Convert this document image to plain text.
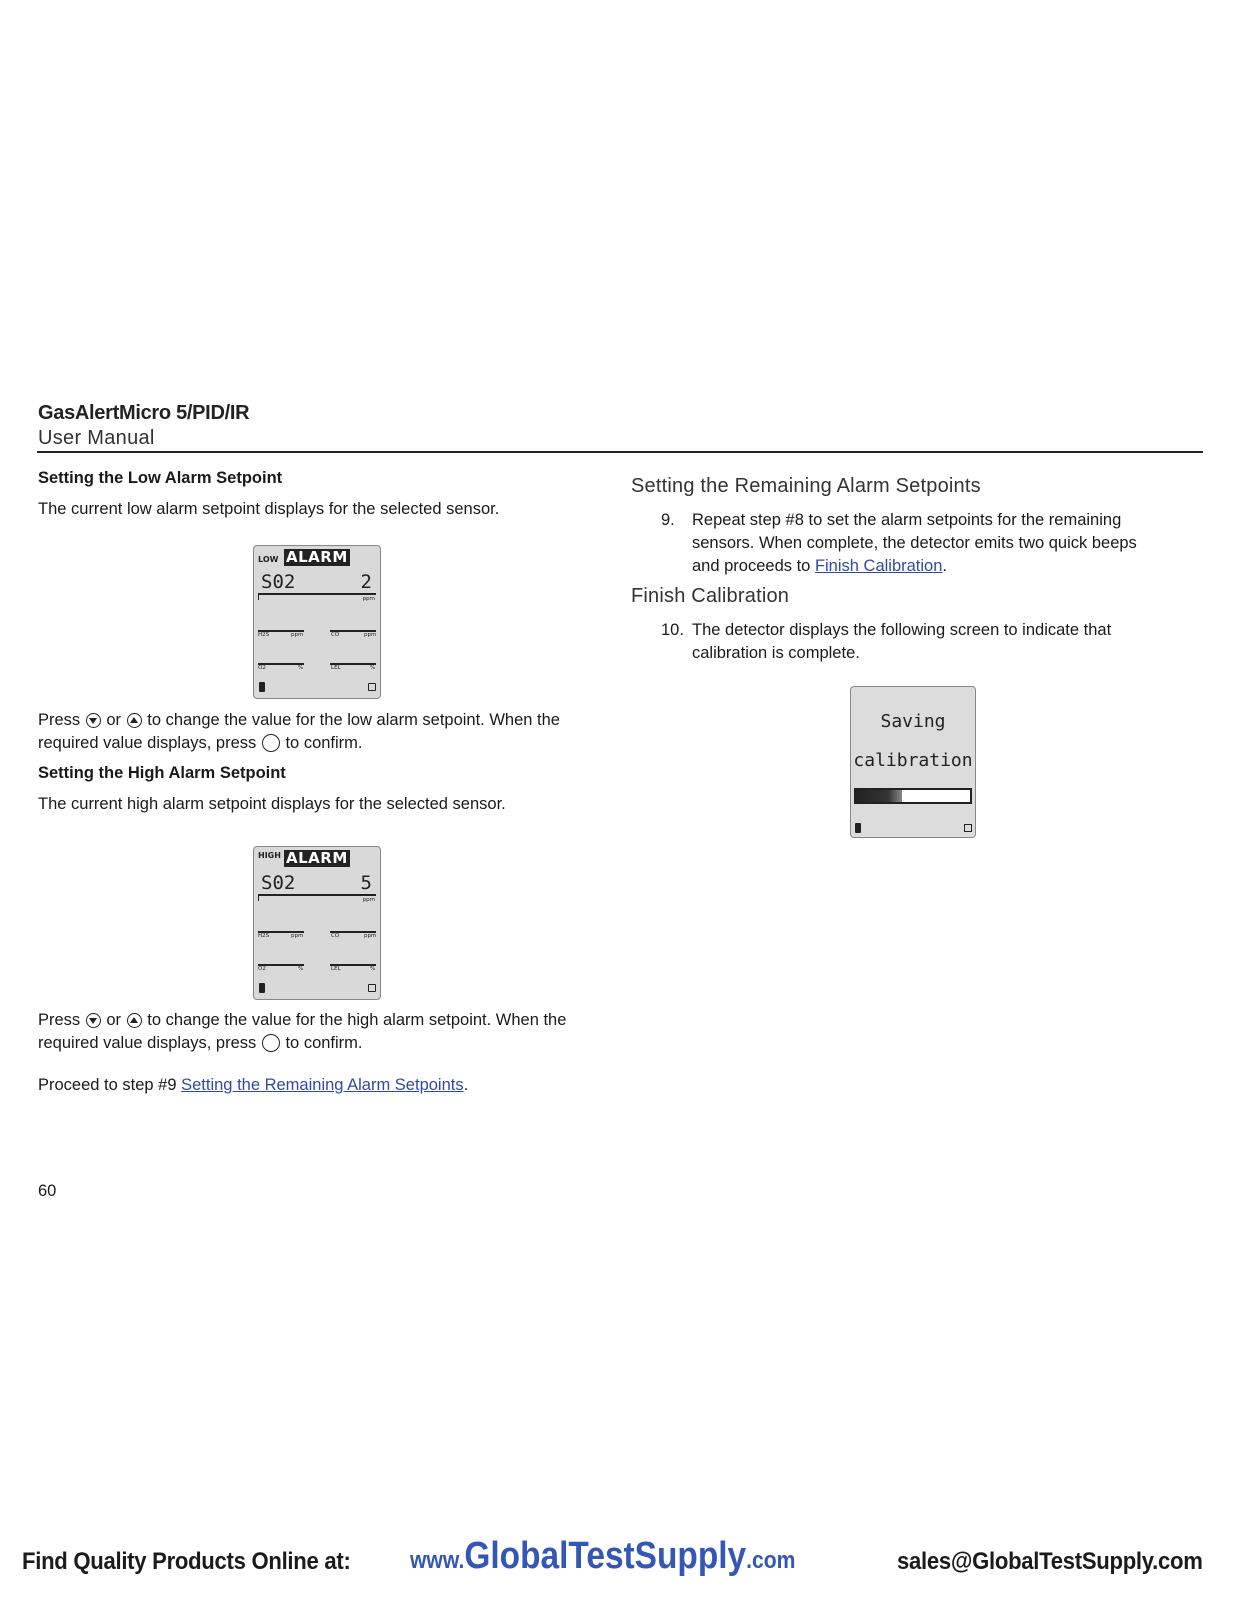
GasAlertMicro 5/PID/IR
User Manual
Setting the Low Alarm Setpoint
The current low alarm setpoint displays for the selected sensor.
LOW ALARM
S02	2
ppm
H2S	ppm	CO	ppm
O2	%	LEL	%
Press or to change the value for the low alarm setpoint. When the
required value displays, press to confirm.
Setting the High Alarm Setpoint
The current high alarm setpoint displays for the selected sensor.
HIGH ALARM
S02	5
ppm
H2S	ppm	CO	ppm
O2	%	LEL	%
Press or to change the value for the high alarm setpoint. When the
required value displays, press to confirm.
Proceed to step #9 Setting the Remaining Alarm Setpoints.
Setting the Remaining Alarm Setpoints
9. Repeat step #8 to set the alarm setpoints for the remaining
sensors. When complete, the detector emits two quick beeps
and proceeds to Finish Calibration.
Finish Calibration
10. The detector displays the following screen to indicate that
calibration is complete.
Saving
calibration
60
Find Quality Products Online at: www.GlobalTestSupply.com	sales@GlobalTestSupply.com
